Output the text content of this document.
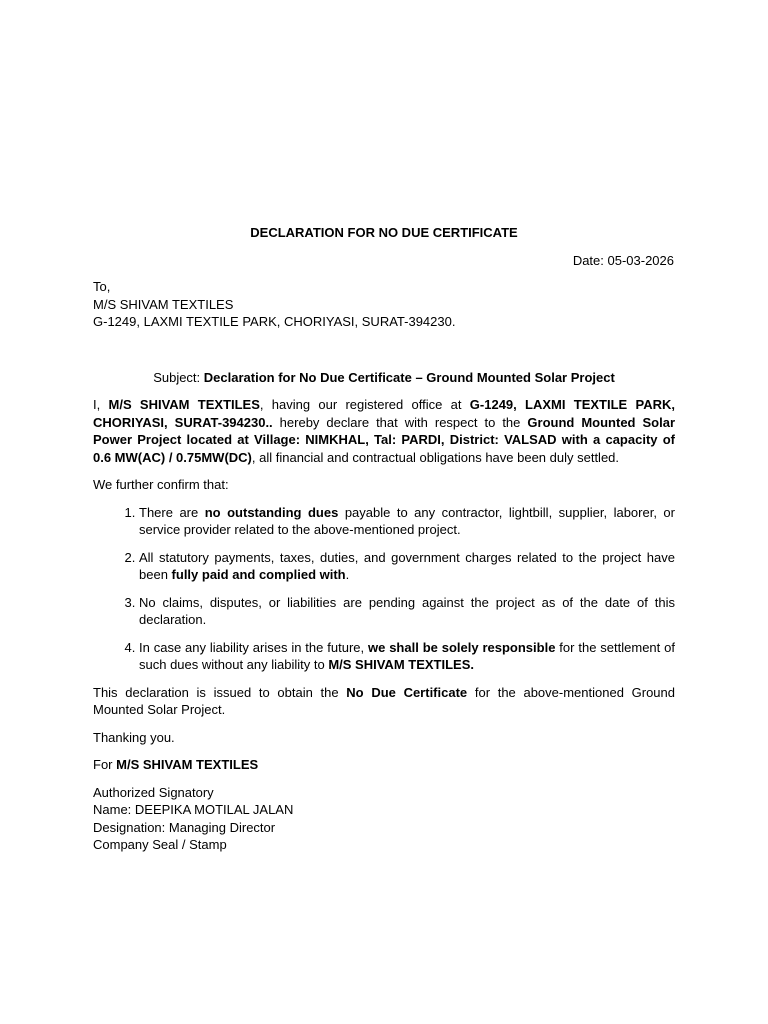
DECLARATION FOR NO DUE CERTIFICATE
Date: 05-03-2026
To,
M/S SHIVAM TEXTILES
G-1249, LAXMI TEXTILE PARK, CHORIYASI, SURAT-394230.
Subject: Declaration for No Due Certificate – Ground Mounted Solar Project

I, M/S SHIVAM TEXTILES, having our registered office at G-1249, LAXMI TEXTILE PARK, CHORIYASI, SURAT-394230.. hereby declare that with respect to the Ground Mounted Solar Power Project located at Village: NIMKHAL, Tal: PARDI, District: VALSAD with a capacity of 0.6 MW(AC) / 0.75MW(DC), all financial and contractual obligations have been duly settled.

We further confirm that:

1. There are no outstanding dues payable to any contractor, lightbill, supplier, laborer, or service provider related to the above-mentioned project.
2. All statutory payments, taxes, duties, and government charges related to the project have been fully paid and complied with.
3. No claims, disputes, or liabilities are pending against the project as of the date of this declaration.
4. In case any liability arises in the future, we shall be solely responsible for the settlement of such dues without any liability to M/S SHIVAM TEXTILES.

This declaration is issued to obtain the No Due Certificate for the above-mentioned Ground Mounted Solar Project.

Thanking you.

For M/S SHIVAM TEXTILES

Authorized Signatory
Name: DEEPIKA MOTILAL JALAN
Designation: Managing Director
Company Seal / Stamp
